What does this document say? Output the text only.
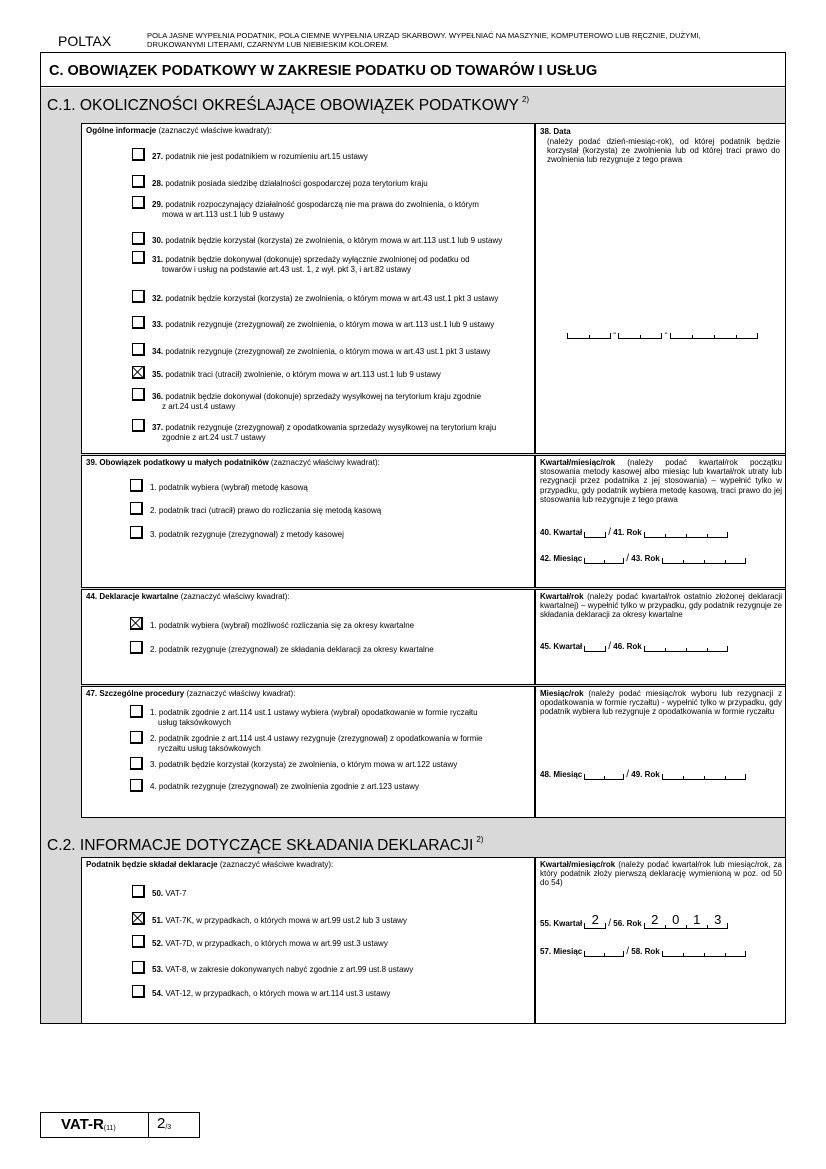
POLTAX	POLA JASNE WYPEŁNIA PODATNIK, POLA CIEMNE WYPEŁNIA URZĄD SKARBOWY. WYPEŁNIAĆ NA MASZYNIE, KOMPUTEROWO LUB RĘCZNIE, DUŻYMI,
DRUKOWANYMI LITERAMI, CZARNYM LUB NIEBIESKIM KOLOREM.
C. OBOWIĄZEK PODATKOWY W ZAKRESIE PODATKU OD TOWARÓW I USŁUG
C.1. OKOLICZNOŚCI OKREŚLAJĄCE OBOWIĄZEK PODATKOWY $^{2)}$
Ogólne informacje (zaznaczyć właściwe kwadraty):
27. podatnik nie jest podatnikiem w rozumieniu art.15 ustawy
28. podatnik posiada siedzibę działalności gospodarczej poza terytorium kraju
29. podatnik rozpoczynający działalność gospodarczą nie ma prawa do zwolnienia, o którym
mowa w art.113 ust.1 lub 9 ustawy
30. podatnik będzie korzystał (korzysta) ze zwolnienia, o którym mowa w art.113 ust.1 lub 9 ustawy
31. podatnik będzie dokonywał (dokonuje) sprzedaży wyłącznie zwolnionej od podatku od
towarów i usług na podstawie art.43 ust. 1, z wył. pkt 3, i art.82 ustawy
32. podatnik będzie korzystał (korzysta) ze zwolnienia, o którym mowa w art.43 ust.1 pkt 3 ustawy
33. podatnik rezygnuje (zrezygnował) ze zwolnienia, o którym mowa w art.113 ust.1 lub 9 ustawy
34. podatnik rezygnuje (zrezygnował) ze zwolnienia, o którym mowa w art.43 ust.1 pkt 3 ustawy
35. podatnik traci (utracił) zwolnienie, o którym mowa w art.113 ust.1 lub 9 ustawy
36. podatnik będzie dokonywał (dokonuje) sprzedaży wysyłkowej na terytorium kraju zgodnie
z art.24 ust.4 ustawy
37. podatnik rezygnuje (zrezygnował) z opodatkowania sprzedaży wysyłkowej na terytorium kraju
zgodnie z art.24 ust.7 ustawy
38. Data
(należy podać dzień-miesiąc-rok), od której podatnik będzie korzystał (korzysta) ze zwolnienia lub od której traci prawo do zwolnienia lub rezygnuje z tego prawa
-	-
39. Obowiązek podatkowy u małych podatników (zaznaczyć właściwy kwadrat):
1. podatnik wybiera (wybrał) metodę kasową
2. podatnik traci (utracił) prawo do rozliczania się metodą kasową
3. podatnik rezygnuje (zrezygnował) z metody kasowej
Kwartał/miesiąc/rok (należy podać kwartał/rok początku stosowania metody kasowej albo miesiąc lub kwartał/rok utraty lub rezygnacji przez podatnika z jej stosowania) – wypełnić tylko w przypadku, gdy podatnik wybiera metodę kasową, traci prawo do jej stosowania lub rezygnuje z tego prawa
40. Kwartał	/ 41. Rok
42. Miesiąc	/ 43. Rok
44. Deklaracje kwartalne (zaznaczyć właściwy kwadrat):
1. podatnik wybiera (wybrał) możliwość rozliczania się za okresy kwartalne
2. podatnik rezygnuje (zrezygnował) ze składania deklaracji za okresy kwartalne
Kwartał/rok (należy podać kwartał/rok ostatnio złożonej deklaracji kwartalnej) – wypełnić tylko w przypadku, gdy podatnik rezygnuje ze składania deklaracji za okresy kwartalne
45. Kwartał	/ 46. Rok
47. Szczególne procedury (zaznaczyć właściwy kwadrat):
1. podatnik zgodnie z art.114 ust.1 ustawy wybiera (wybrał) opodatkowanie w formie ryczałtu
usług taksówkowych
2. podatnik zgodnie z art.114 ust.4 ustawy rezygnuje (zrezygnował) z opodatkowania w formie
ryczałtu usług taksówkowych
3. podatnik będzie korzystał (korzysta) ze zwolnienia, o którym mowa w art.122 ustawy
4. podatnik rezygnuje (zrezygnował) ze zwolnienia zgodnie z art.123 ustawy
Miesiąc/rok (należy podać miesiąc/rok wyboru lub rezygnacji z opodatkowania w formie ryczałtu) - wypełnić tylko w przypadku, gdy podatnik wybiera lub rezygnuje z opodatkowania w formie ryczałtu
48. Miesiąc	/ 49. Rok
C.2. INFORMACJE DOTYCZĄCE SKŁADANIA DEKLARACJI $^{2)}$
Podatnik będzie składał deklaracje (zaznaczyć właściwe kwadraty):
50. VAT-7
51. VAT-7K, w przypadkach, o których mowa w art.99 ust.2 lub 3 ustawy
52. VAT-7D, w przypadkach, o których mowa w art.99 ust.3 ustawy
53. VAT-8, w zakresie dokonywanych nabyć zgodnie z art.99 ust.8 ustawy
54. VAT-12, w przypadkach, o których mowa w art.114 ust.3 ustawy
Kwartał/miesiąc/rok (należy podać kwartał/rok lub miesiąc/rok, za który podatnik złoży pierwszą deklarację wymienioną w poz. od 50 do 54)
55. Kwartał 2 / 56. Rok 2 0 1 3
57. Miesiąc	/ 58. Rok
VAT-$R_{(11)}$	$2_{/3}$
